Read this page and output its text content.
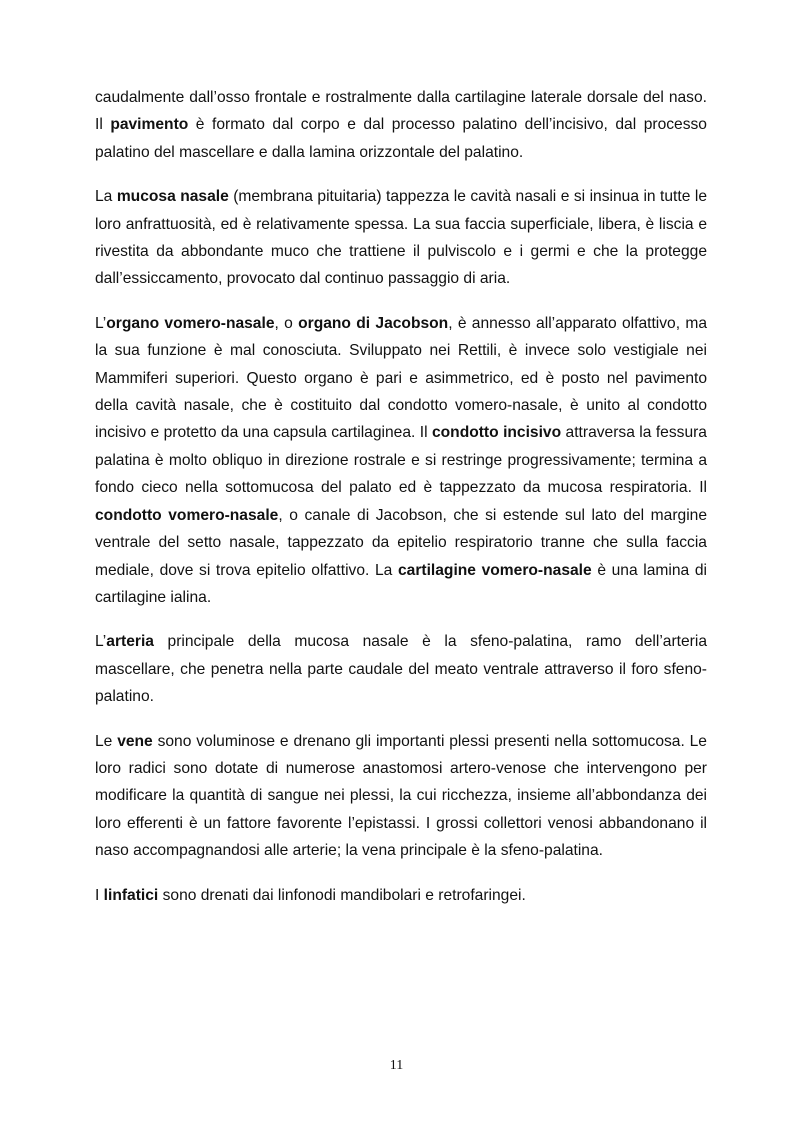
caudalmente dall’osso frontale e rostralmente dalla cartilagine laterale dorsale del naso. Il pavimento è formato dal corpo e dal processo palatino dell’incisivo, dal processo palatino del mascellare e dalla lamina orizzontale del palatino.

La mucosa nasale (membrana pituitaria) tappezza le cavità nasali e si insinua in tutte le loro anfrattuosità, ed è relativamente spessa. La sua faccia superficiale, libera, è liscia e rivestita da abbondante muco che trattiene il pulviscolo e i germi e che la protegge dall’essiccamento, provocato dal continuo passaggio di aria.

L’organo vomero-nasale, o organo di Jacobson, è annesso all’apparato olfattivo, ma la sua funzione è mal conosciuta. Sviluppato nei Rettili, è invece solo vestigiale nei Mammiferi superiori. Questo organo è pari e asimmetrico, ed è posto nel pavimento della cavità nasale, che è costituito dal condotto vomero-nasale, è unito al condotto incisivo e protetto da una capsula cartilaginea. Il condotto incisivo attraversa la fessura palatina è molto obliquo in direzione rostrale e si restringe progressivamente; termina a fondo cieco nella sottomucosa del palato ed è tappezzato da mucosa respiratoria. Il condotto vomero-nasale, o canale di Jacobson, che si estende sul lato del margine ventrale del setto nasale, tappezzato da epitelio respiratorio tranne che sulla faccia mediale, dove si trova epitelio olfattivo. La cartilagine vomero-nasale è una lamina di cartilagine ialina.

L’arteria principale della mucosa nasale è la sfeno-palatina, ramo dell’arteria mascellare, che penetra nella parte caudale del meato ventrale attraverso il foro sfeno-palatino.

Le vene sono voluminose e drenano gli importanti plessi presenti nella sottomucosa. Le loro radici sono dotate di numerose anastomosi artero-venose che intervengono per modificare la quantità di sangue nei plessi, la cui ricchezza, insieme all’abbondanza dei loro efferenti è un fattore favorente l’epistassi. I grossi collettori venosi abbandonano il naso accompagnandosi alle arterie; la vena principale è la sfeno-palatina.

I linfatici sono drenati dai linfonodi mandibolari e retrofaringei.

11
